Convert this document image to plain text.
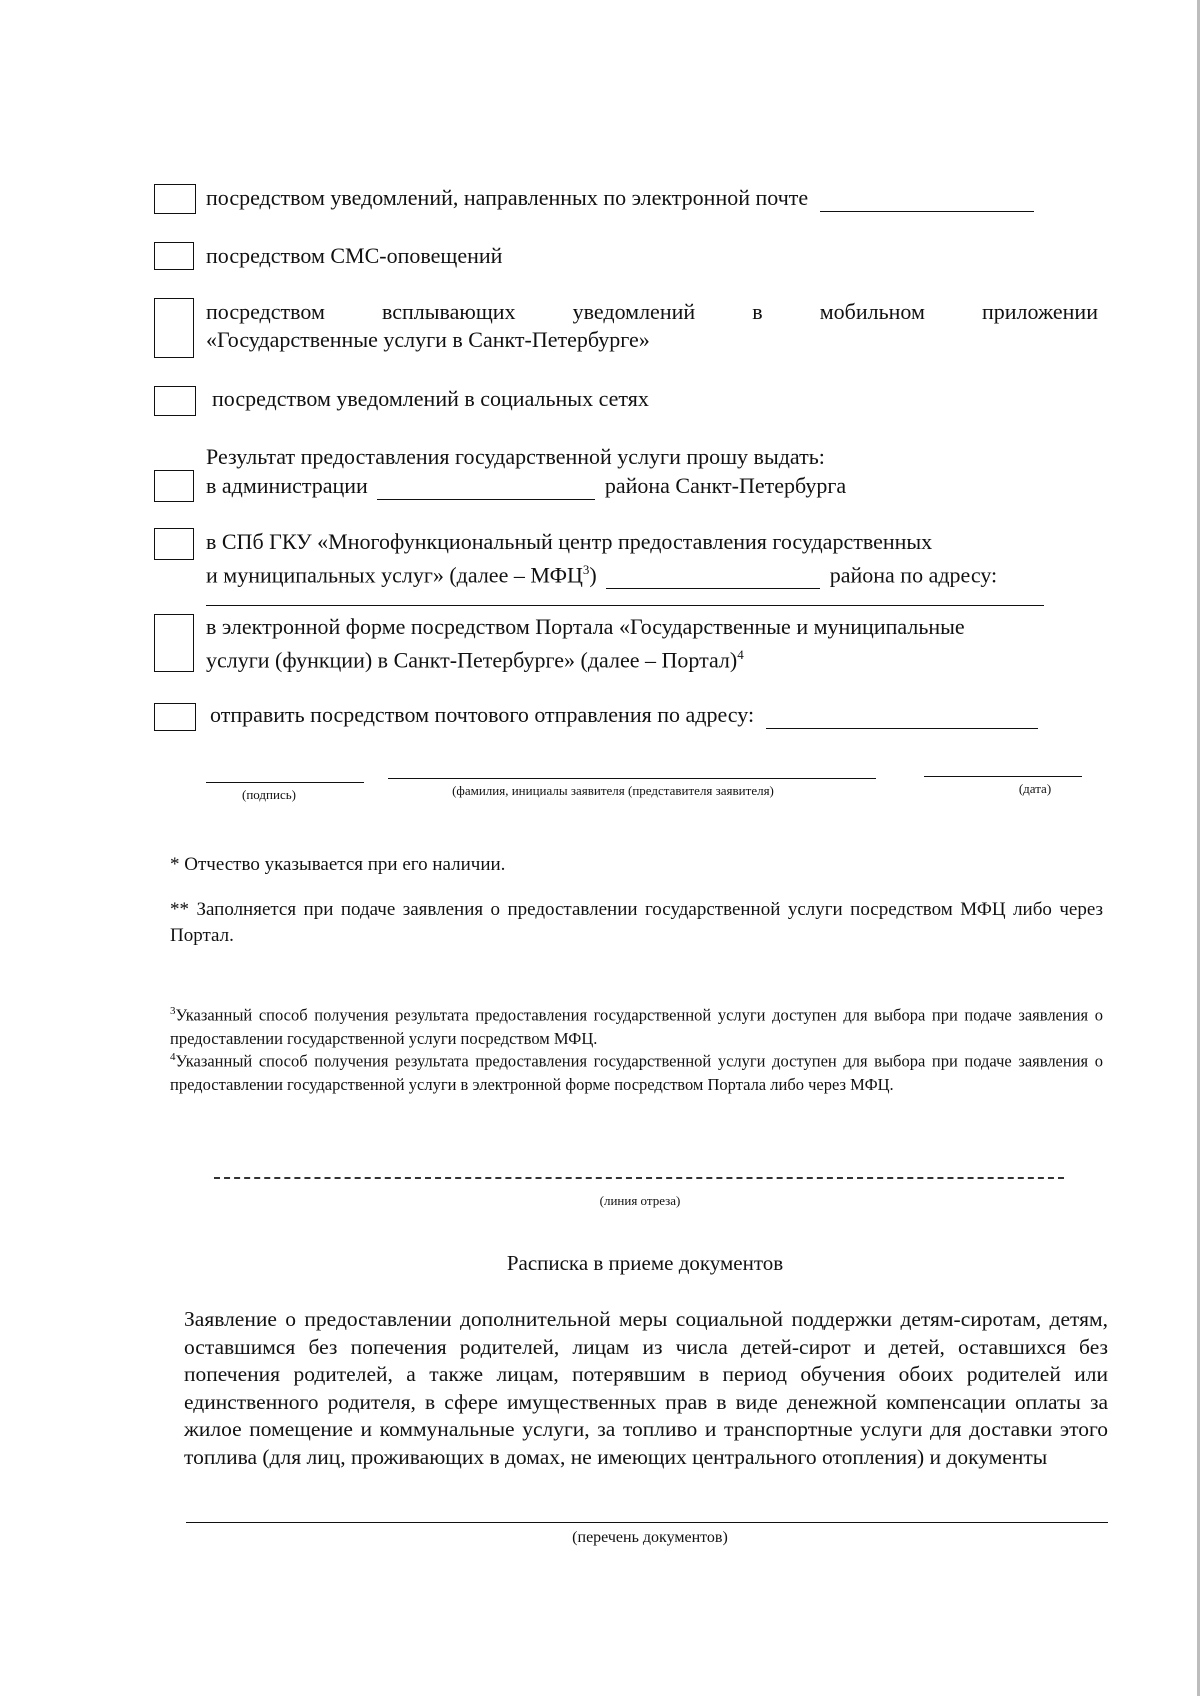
посредством уведомлений, направленных по электронной почте
посредством СМС-оповещений
посредством	всплывающих	уведомлений	в	мобильном	приложении
«Государственные услуги в Санкт-Петербурге»
посредством уведомлений в социальных сетях
Результат предоставления государственной услуги прошу выдать:
в администрации	района Санкт-Петербурга
в СПб ГКУ «Многофункциональный центр предоставления государственных
и муниципальных услуг» (далее – МФЦ$^3$)	района по адресу:
в электронной форме посредством Портала «Государственные и муниципальные
услуги (функции) в Санкт-Петербурге» (далее – Портал)$^4$
отправить посредством почтового отправления по адресу:
(подпись)	(фамилия, инициалы заявителя (представителя заявителя)	(дата)
* Отчество указывается при его наличии.
** Заполняется при подаче заявления о предоставлении государственной услуги посредством МФЦ либо через Портал.
$^3$Указанный способ получения результата предоставления государственной услуги доступен для выбора при подаче заявления о предоставлении государственной услуги посредством МФЦ.
$^4$Указанный способ получения результата предоставления государственной услуги доступен для выбора при подаче заявления о предоставлении государственной услуги в электронной форме посредством Портала либо через МФЦ.
(линия отреза)
Расписка в приеме документов
Заявление о предоставлении дополнительной меры социальной поддержки детям-сиротам, детям, оставшимся без попечения родителей, лицам из числа детей-сирот и детей, оставшихся без попечения родителей, а также лицам, потерявшим в период обучения обоих родителей или единственного родителя, в сфере имущественных прав в виде денежной компенсации оплаты за жилое помещение и коммунальные услуги, за топливо и транспортные услуги для доставки этого топлива (для лиц, проживающих в домах, не имеющих центрального отопления) и документы
(перечень документов)
